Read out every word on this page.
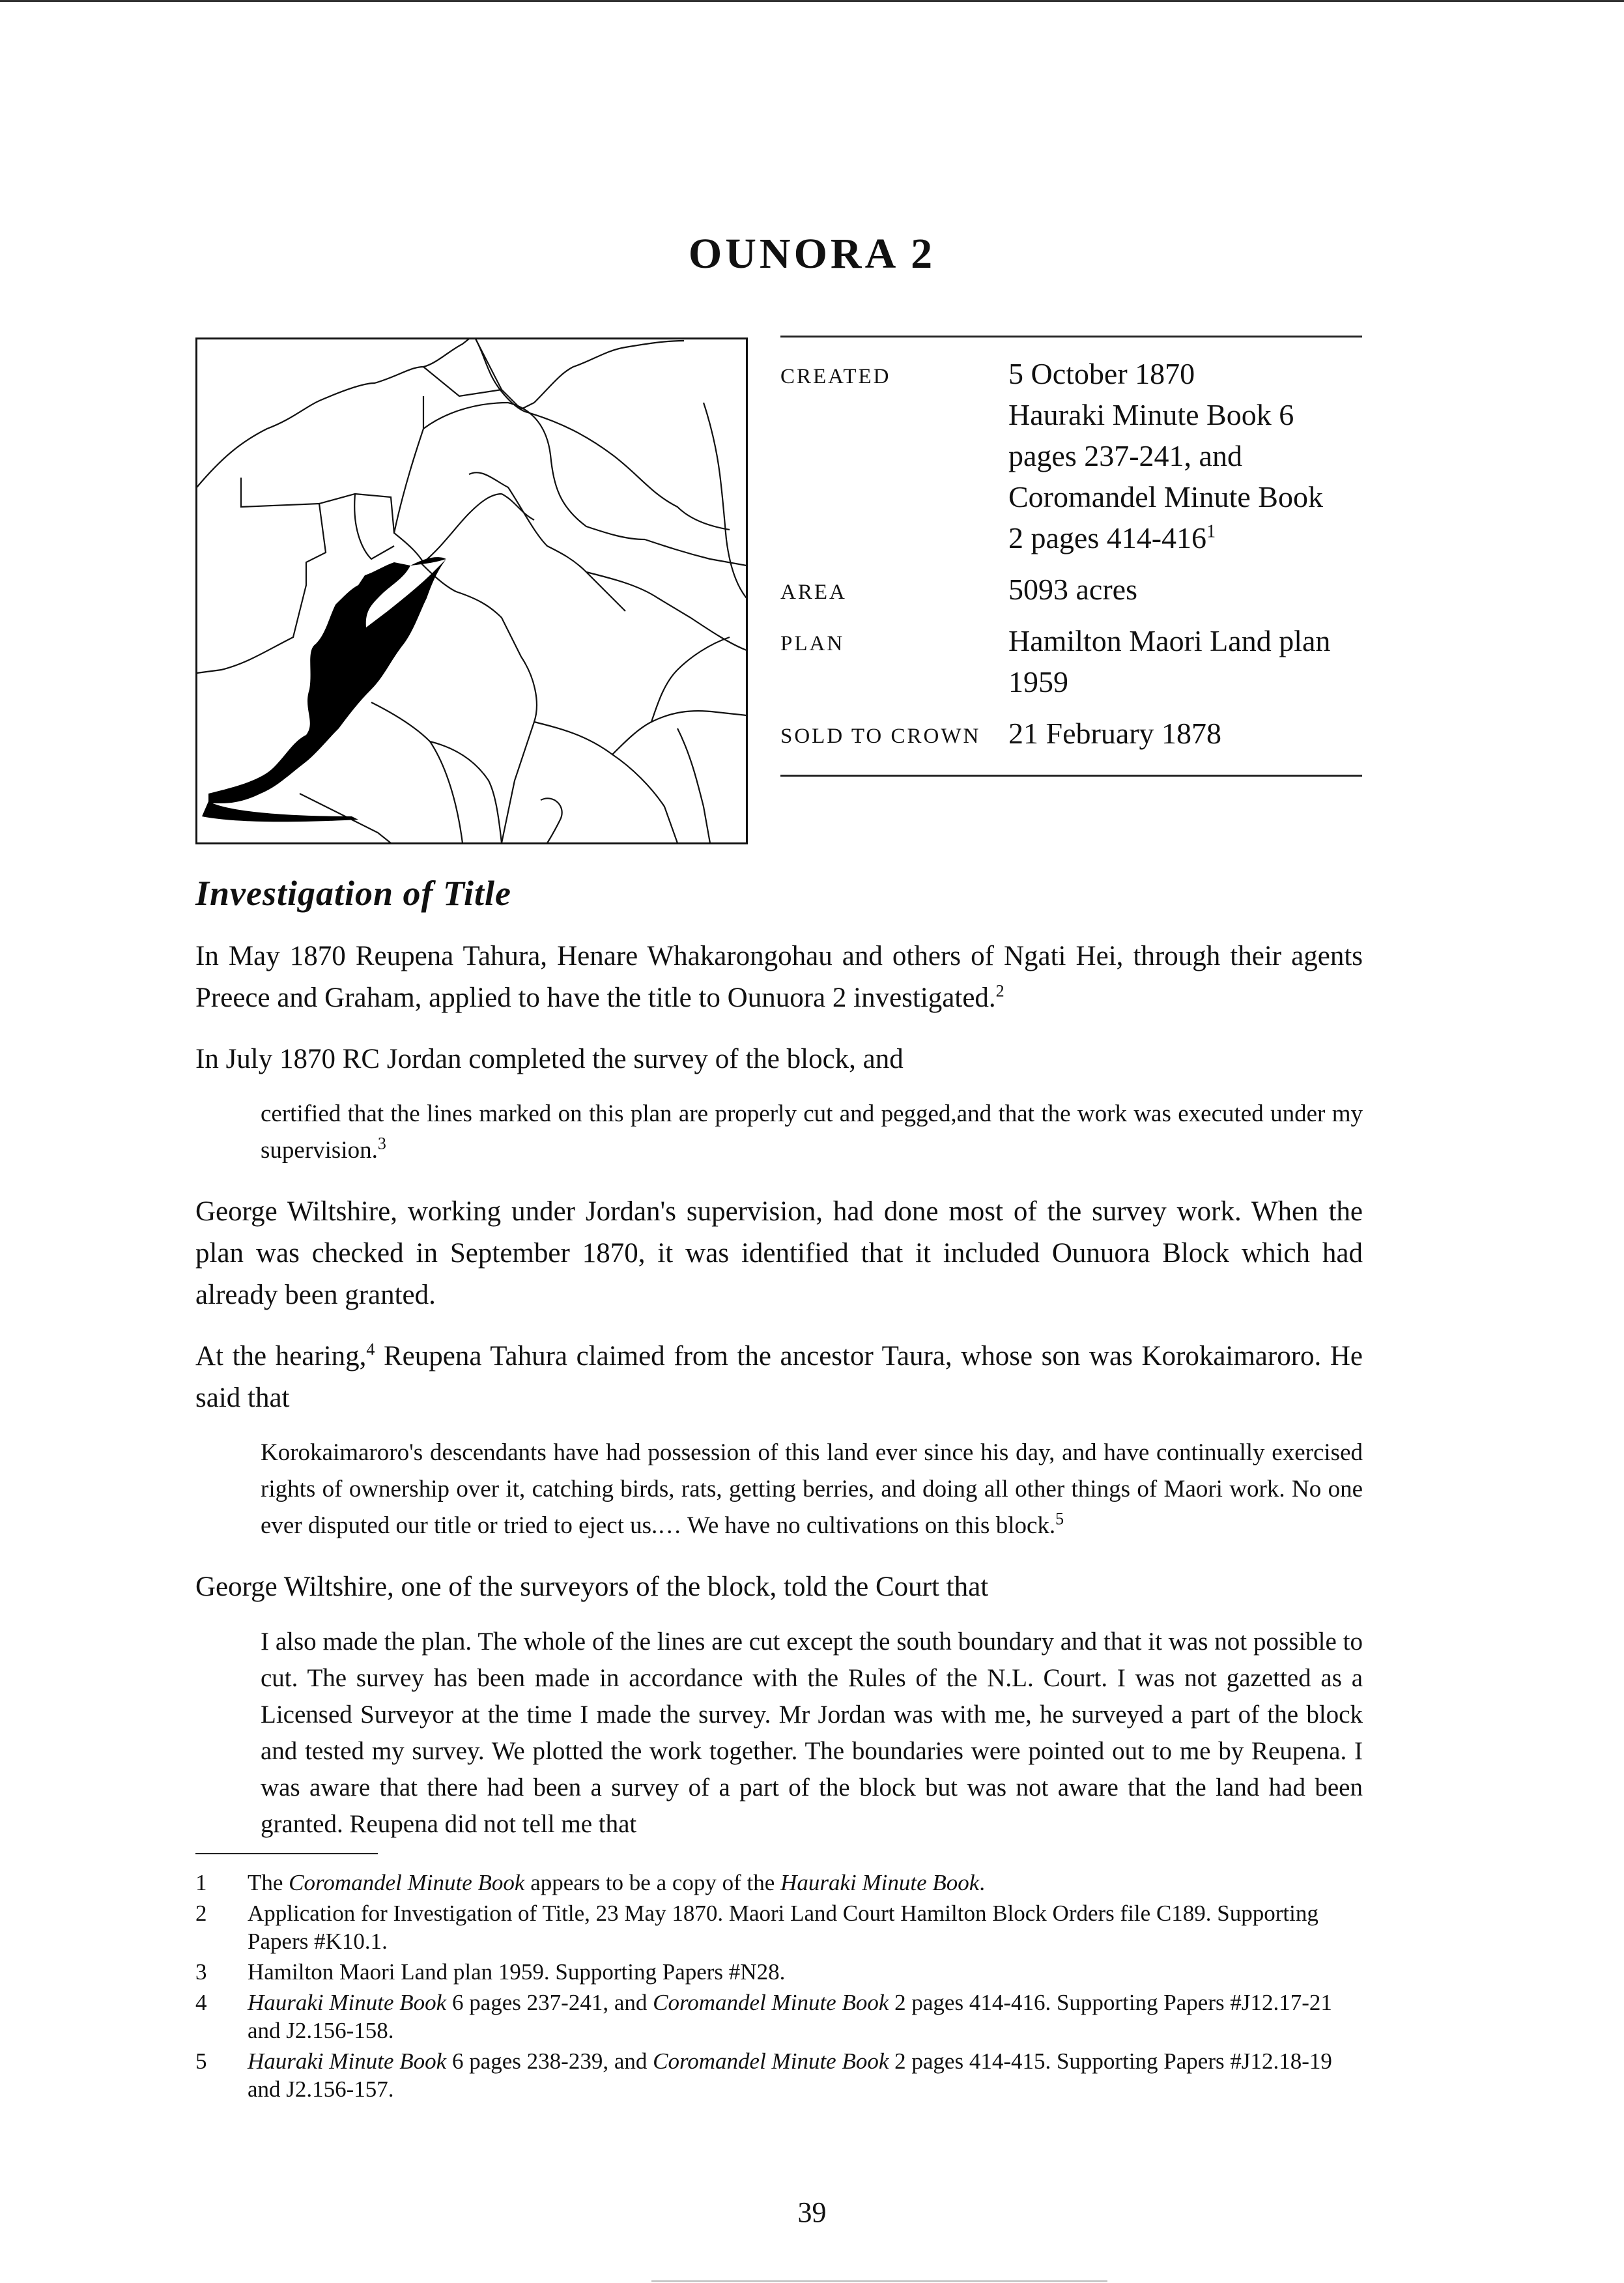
OUNORA 2
CREATED	5 October 1870
Hauraki Minute Book 6
pages 237-241, and
Coromandel Minute Book
2 pages $414-416^1$

AREA	5093 acres
PLAN	Hamilton Maori Land plan
1959

SOLD TO CROWN	21 February 1878
Investigation of Title

In May 1870 Reupena Tahura, Henare Whakarongohau and others of Ngati Hei, through their agents Preece and Graham, applied to have the title to Ounuora 2 investigated.$^2$

In July 1870 RC Jordan completed the survey of the block, and

certified that the lines marked on this plan are properly cut and pegged,and that the work was executed under my supervision.$^3$

George Wiltshire, working under Jordan's supervision, had done most of the survey work. When the plan was checked in September 1870, it was identified that it included Ounuora Block which had already been granted.

At the hearing,$^4$ Reupena Tahura claimed from the ancestor Taura, whose son was Korokaimaroro. He said that

Korokaimaroro's descendants have had possession of this land ever since his day, and have continually exercised rights of ownership over it, catching birds, rats, getting berries, and doing all other things of Maori work. No one ever disputed our title or tried to eject us.… We have no cultivations on this block.$^5$

George Wiltshire, one of the surveyors of the block, told the Court that

I also made the plan. The whole of the lines are cut except the south boundary and that it was not possible to cut. The survey has been made in accordance with the Rules of the N.L. Court. I was not gazetted as a Licensed Surveyor at the time I made the survey. Mr Jordan was with me, he surveyed a part of the block and tested my survey. We plotted the work together. The boundaries were pointed out to me by Reupena. I was aware that there had been a survey of a part of the block but was not aware that the land had been granted. Reupena did not tell me that

1 The Coromandel Minute Book appears to be a copy of the Hauraki Minute Book.
2 Application for Investigation of Title, 23 May 1870. Maori Land Court Hamilton Block Orders file C189. Supporting Papers #K10.1.
3 Hamilton Maori Land plan 1959. Supporting Papers #N28.
4 Hauraki Minute Book 6 pages 237-241, and Coromandel Minute Book 2 pages 414-416. Supporting Papers #J12.17-21 and J2.156-158.
5 Hauraki Minute Book 6 pages 238-239, and Coromandel Minute Book 2 pages 414-415. Supporting Papers #J12.18-19 and J2.156-157.
39
